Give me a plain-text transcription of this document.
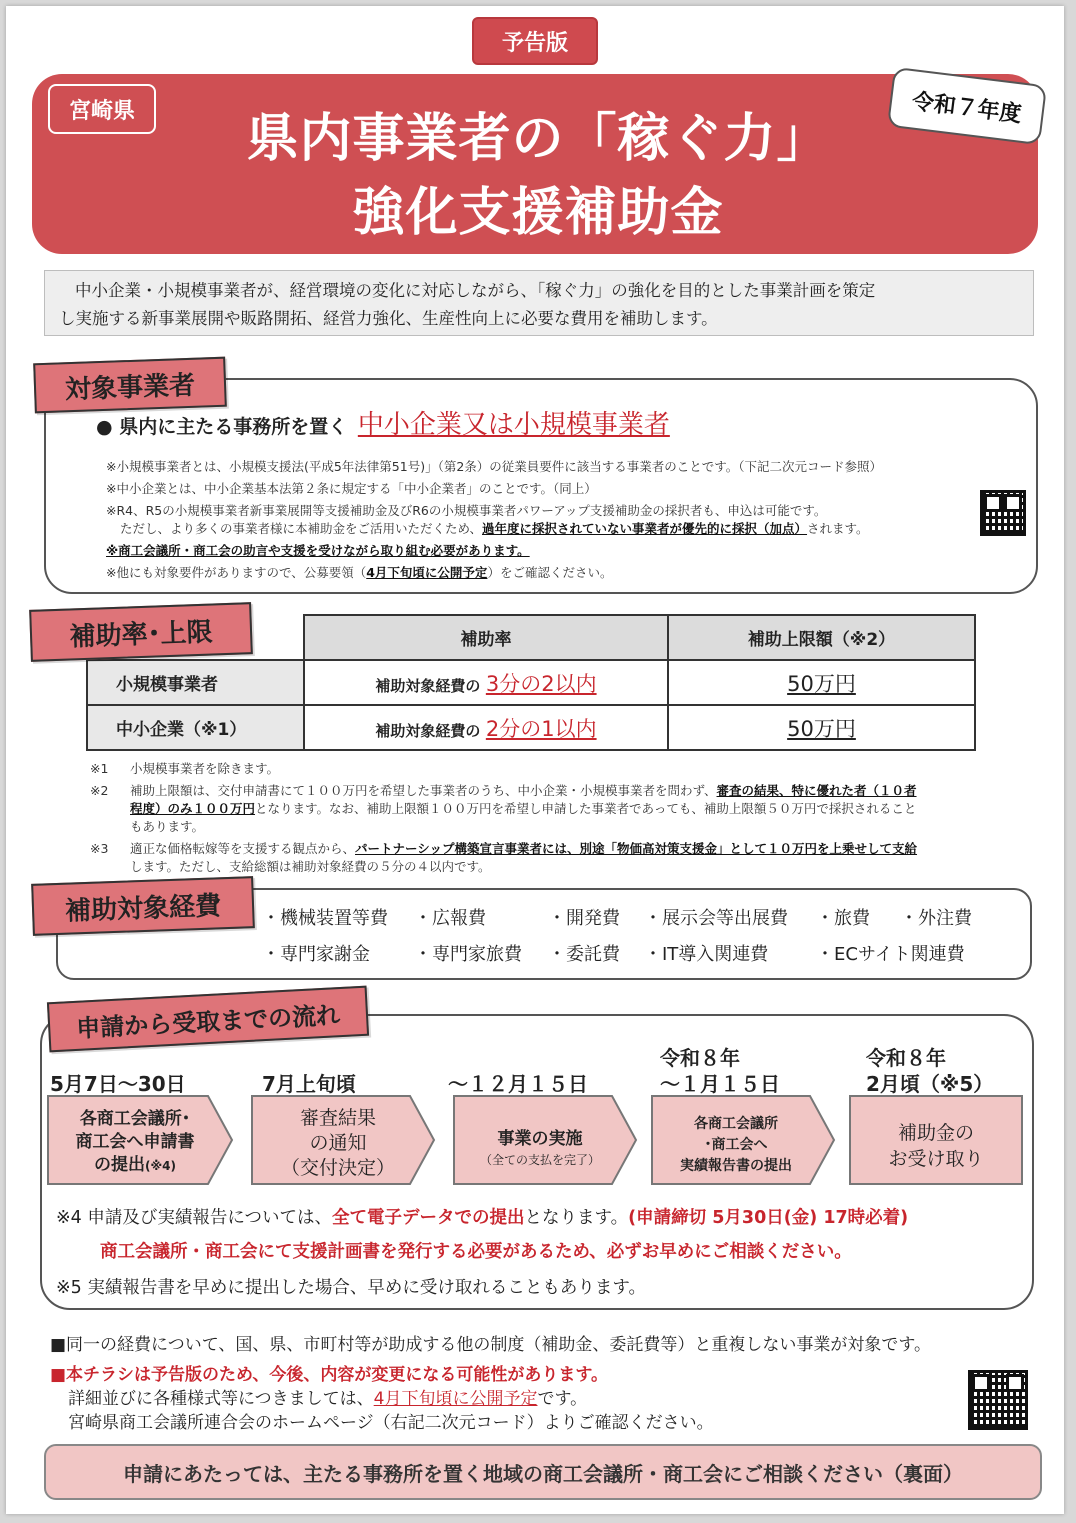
予告版
宮崎県	県内事業者の「稼ぐ力」
強化支援補助金
令和７年度
中小企業・小規模事業者が、経営環境の変化に対応しながら、「稼ぐ力」の強化を目的とした事業計画を策定
し実施する新事業展開や販路開拓、経営力強化、生産性向上に必要な費用を補助します。
対象事業者
● 県内に主たる事務所を置く 中小企業又は小規模事業者
※小規模事業者とは、小規模支援法(平成5年法律第51号)」（第2条）の従業員要件に該当する事業者のことです。（下記二次元コード参照）
※中小企業とは、中小企業基本法第２条に規定する「中小企業者」のことです。（同上）
※R4、R5の小規模事業者新事業展開等支援補助金及びR6の小規模事業者パワーアップ支援補助金の採択者も、申込は可能です。
ただし、より多くの事業者様に本補助金をご活用いただくため、過年度に採択されていない事業者が優先的に採択（加点）されます。
※商工会議所・商工会の助言や支援を受けながら取り組む必要があります。
※他にも対象要件がありますので、公募要領（4月下旬頃に公開予定）をご確認ください。
	補助率	補助上限額（※2）
小規模事業者	補助対象経費の 3分の2以内	50万円
中小企業（※1）	補助対象経費の 2分の1以内	50万円
補助率･上限
※1	小規模事業者を除きます。
※2	補助上限額は、交付申請書にて１００万円を希望した事業者のうち、中小企業・小規模事業者を問わず、審査の結果、特に優れた者（１０者
程度）のみ１００万円となります。なお、補助上限額１００万円を希望し申請した事業者であっても、補助上限額５０万円で採択されること
もあります。
※3	適正な価格転嫁等を支援する観点から、パートナーシップ構築宣言事業者には、別途「物価高対策支援金」として１０万円を上乗せして支給
します。ただし、支給総額は補助対象経費の５分の４以内です。
補助対象経費	・機械装置等費 ・広報費	・開発費 ・展示会等出展費 ・旅費 ・外注費
・専門家謝金 ・専門家旅費 ・委託費 ・IT導入関連費	・ECサイト関連費
申請から受取までの流れ
令和８年	令和８年
5月7日～30日	7月上旬頃	～１２月１５日	～１月１５日	2月頃（※5）
各商工会議所･
商工会へ申請書
の提出(※4)
審査結果
の通知
（交付決定）
事業の実施
（全ての支払を完了）
各商工会議所
･商工会へ
実績報告書の提出
補助金の
お受け取り
※4 申請及び実績報告については、全て電子データでの提出となります。(申請締切 5月30日(金) 17時必着)
商工会議所・商工会にて支援計画書を発行する必要があるため、必ずお早めにご相談ください。
※5 実績報告書を早めに提出した場合、早めに受け取れることもあります。
■同一の経費について、国、県、市町村等が助成する他の制度（補助金、委託費等）と重複しない事業が対象です。
■本チラシは予告版のため、今後、内容が変更になる可能性があります。
詳細並びに各種様式等につきましては、4月下旬頃に公開予定です。
宮崎県商工会議所連合会のホームページ（右記二次元コード）よりご確認ください。
申請にあたっては、主たる事務所を置く地域の商工会議所・商工会にご相談ください（裏面）
